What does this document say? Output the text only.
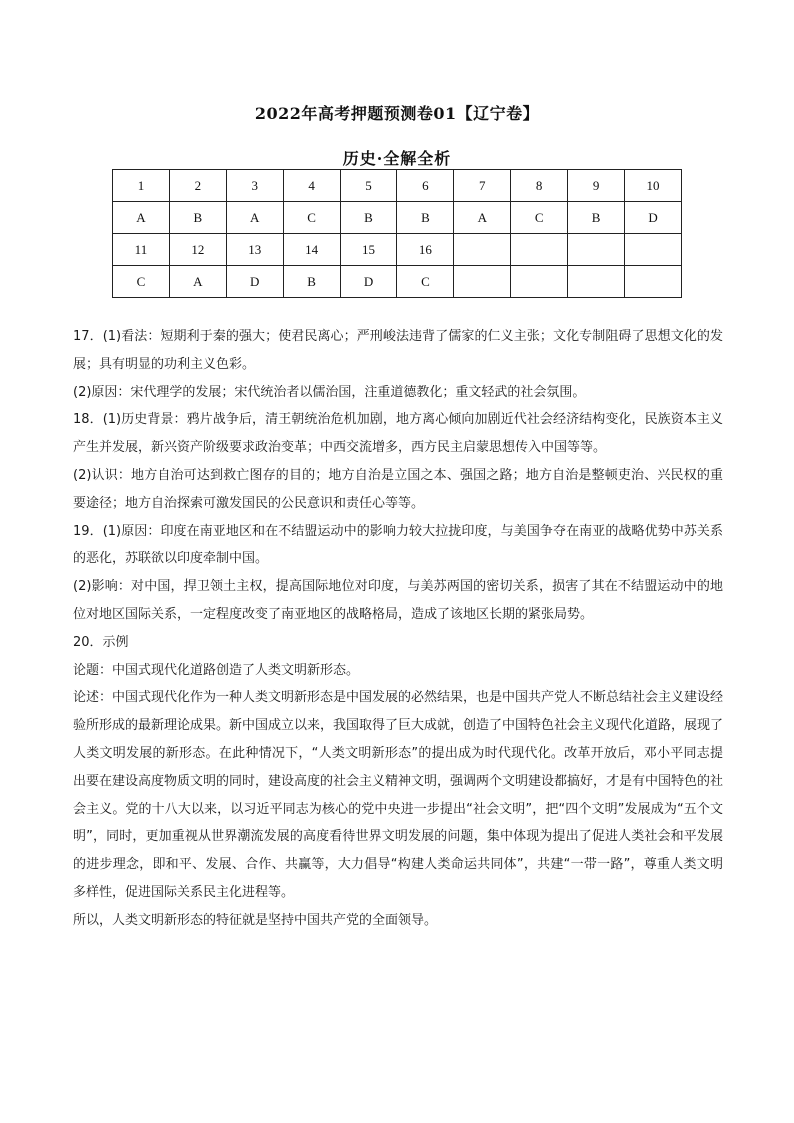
2022年高考押题预测卷01【辽宁卷】
历史·全解全析
1	2	3	4	5	6	7	8	9	10
A	B	A	C	B	B	A	C	B	D
11	12	13	14	15	16				
C	A	D	B	D	C				

17．(1)看法：短期利于秦的强大；使君民离心；严刑峻法违背了儒家的仁义主张；文化专制阻碍了思想文化的发展；具有明显的功利主义色彩。

(2)原因：宋代理学的发展；宋代统治者以儒治国，注重道德教化；重文轻武的社会氛围。

18．(1)历史背景：鸦片战争后，清王朝统治危机加剧，地方离心倾向加剧近代社会经济结构变化，民族资本主义产生并发展，新兴资产阶级要求政治变革；中西交流增多，西方民主启蒙思想传入中国等等。

(2)认识：地方自治可达到救亡图存的目的；地方自治是立国之本、强国之路；地方自治是整顿吏治、兴民权的重要途径；地方自治探索可激发国民的公民意识和责任心等等。

19．(1)原因：印度在南亚地区和在不结盟运动中的影响力较大拉拢印度，与美国争夺在南亚的战略优势中苏关系的恶化，苏联欲以印度牵制中国。

(2)影响：对中国，捍卫领土主权，提高国际地位对印度，与美苏两国的密切关系，损害了其在不结盟运动中的地位对地区国际关系，一定程度改变了南亚地区的战略格局，造成了该地区长期的紧张局势。

20．示例

论题：中国式现代化道路创造了人类文明新形态。

论述：中国式现代化作为一种人类文明新形态是中国发展的必然结果，也是中国共产党人不断总结社会主义建设经验所形成的最新理论成果。新中国成立以来，我国取得了巨大成就，创造了中国特色社会主义现代化道路，展现了人类文明发展的新形态。在此种情况下，“人类文明新形态”的提出成为时代现代化。改革开放后，邓小平同志提出要在建设高度物质文明的同时，建设高度的社会主义精神文明，强调两个文明建设都搞好，才是有中国特色的社会主义。党的十八大以来，以习近平同志为核心的党中央进一步提出“社会文明”，把“四个文明”发展成为“五个文明”，同时，更加重视从世界潮流发展的高度看待世界文明发展的问题，集中体现为提出了促进人类社会和平发展的进步理念，即和平、发展、合作、共赢等，大力倡导“构建人类命运共同体”，共建“一带一路”，尊重人类文明多样性，促进国际关系民主化进程等。

所以，人类文明新形态的特征就是坚持中国共产党的全面领导。
